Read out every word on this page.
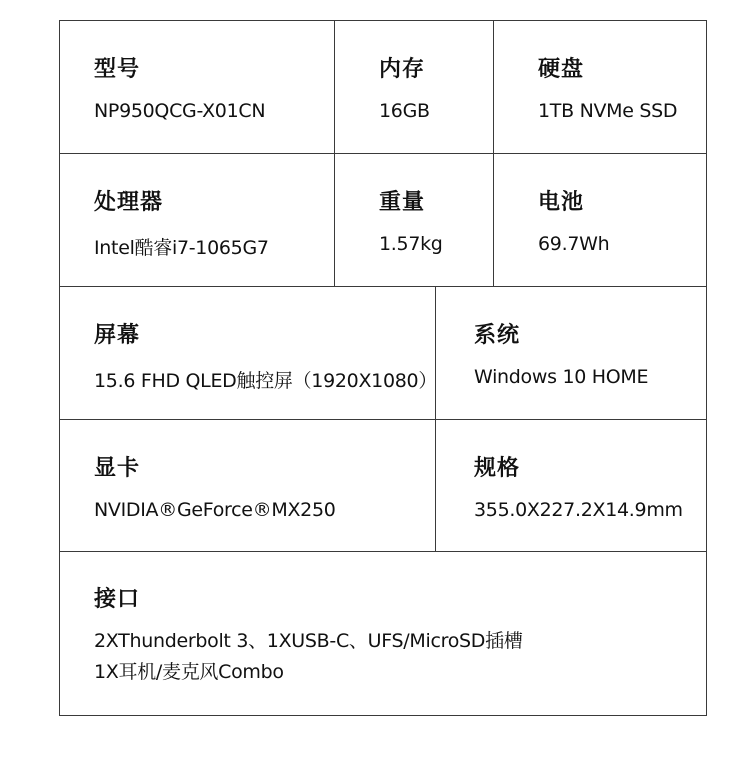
型号
NP950QCG-X01CN
内存
16GB
硬盘
1TB NVMe SSD
处理器
Intel酷睿i7-1065G7
重量
1.57kg
电池
69.7Wh
屏幕
15.6 FHD QLED触控屏（1920X1080）
系统
Windows 10 HOME
显卡
NVIDIA®GeForce®MX250
规格
355.0X227.2X14.9mm
接口
2XThunderbolt 3、1XUSB-C、UFS/MicroSD插槽
1X耳机/麦克风Combo
